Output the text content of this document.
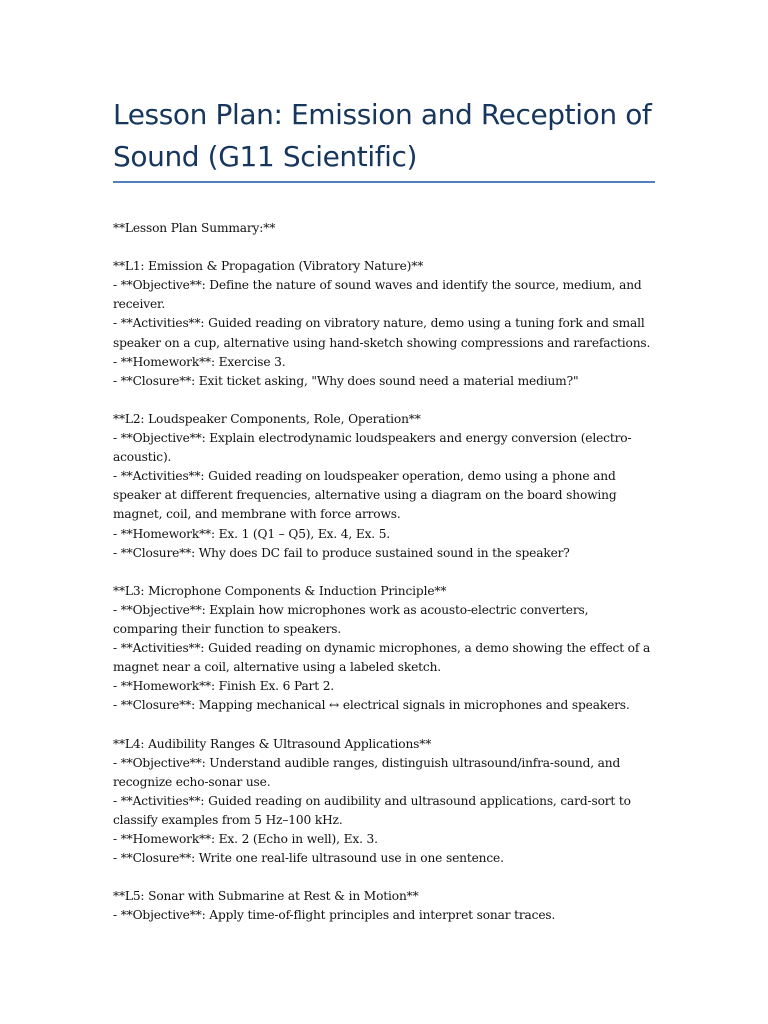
Lesson Plan: Emission and Reception of Sound (G11 Scientific)

**Lesson Plan Summary:**

**L1: Emission & Propagation (Vibratory Nature)**

- **Objective**: Define the nature of sound waves and identify the source, medium, and receiver.

- **Activities**: Guided reading on vibratory nature, demo using a tuning fork and small speaker on a cup, alternative using hand-sketch showing compressions and rarefactions.

- **Homework**: Exercise 3.

- **Closure**: Exit ticket asking, "Why does sound need a material medium?"

**L2: Loudspeaker Components, Role, Operation**

- **Objective**: Explain electrodynamic loudspeakers and energy conversion (electro-acoustic).

- **Activities**: Guided reading on loudspeaker operation, demo using a phone and speaker at different frequencies, alternative using a diagram on the board showing magnet, coil, and membrane with force arrows.

- **Homework**: Ex. 1 (Q1 – Q5), Ex. 4, Ex. 5.

- **Closure**: Why does DC fail to produce sustained sound in the speaker?

**L3: Microphone Components & Induction Principle**

- **Objective**: Explain how microphones work as acousto-electric converters, comparing their function to speakers.

- **Activities**: Guided reading on dynamic microphones, a demo showing the effect of a magnet near a coil, alternative using a labeled sketch.

- **Homework**: Finish Ex. 6 Part 2.

- **Closure**: Mapping mechanical ↔ electrical signals in microphones and speakers.

**L4: Audibility Ranges & Ultrasound Applications**

- **Objective**: Understand audible ranges, distinguish ultrasound/infra-sound, and recognize echo-sonar use.

- **Activities**: Guided reading on audibility and ultrasound applications, card-sort to classify examples from 5 Hz–100 kHz.

- **Homework**: Ex. 2 (Echo in well), Ex. 3.

- **Closure**: Write one real-life ultrasound use in one sentence.

**L5: Sonar with Submarine at Rest & in Motion**

- **Objective**: Apply time-of-flight principles and interpret sonar traces.
